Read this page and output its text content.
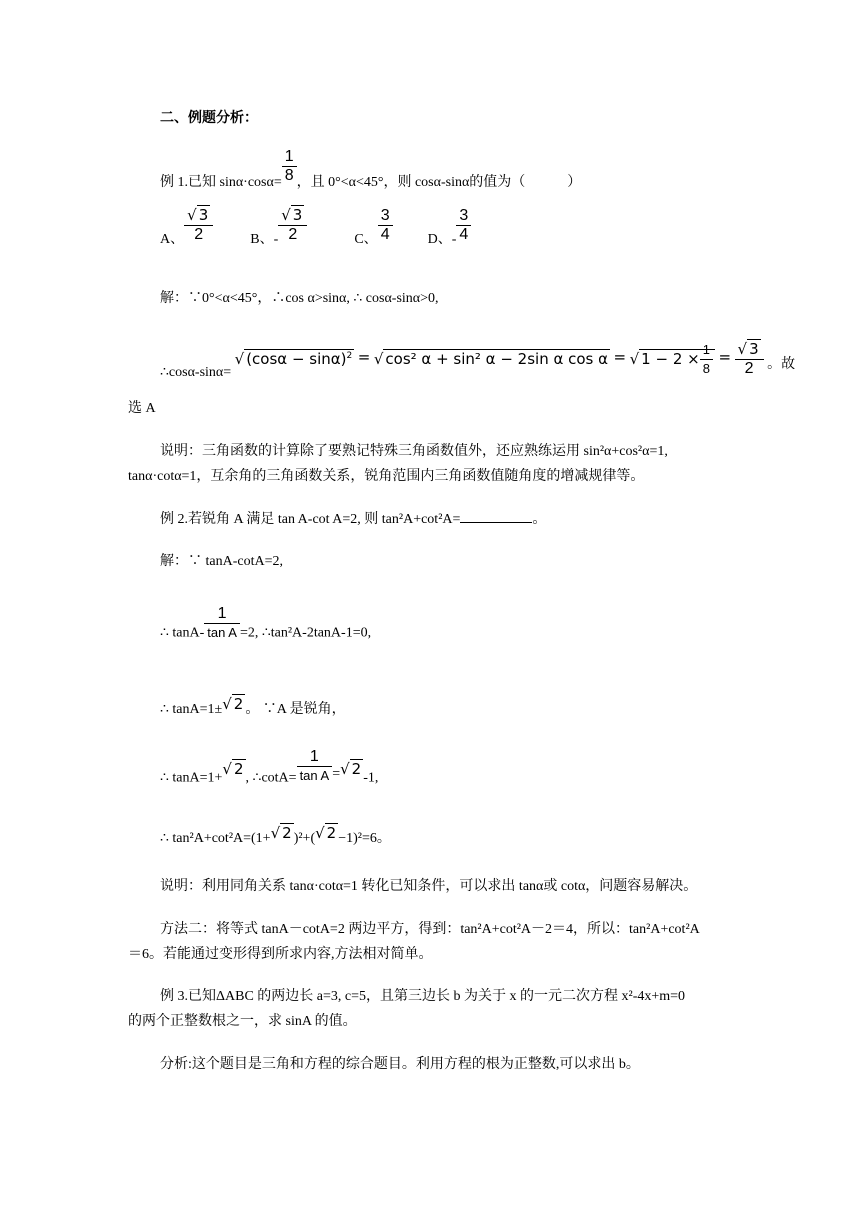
二、例题分析：
例 1.已知 $\sin\alpha\cdot\cos\alpha= \frac{1}{8}$ ，且 0°<α<45°，则 cosα-sinα的值为（　　　）
A、 $\frac{√ 3}{2}$	B、- $\frac{√ 3}{2}$	C、 $\frac{3}{4}$	D、- $\frac{3}{4}$
解：∵0°<α<45°，∴cos α>sinα, ∴ cosα-sinα>0,
∴cosα-sinα= √ $(\cos\alpha - \sin\alpha)^2$ = √ cos² α + sin² α − 2sin α cos α = √ $1 - 2 \times \frac{1}{8} = \frac{√ 3}{2}$ 。故
选 A
说明：三角函数的计算除了要熟记特殊三角函数值外，还应熟练运用 sin²α+cos²α=1,
tanα·cotα=1，互余角的三角函数关系，锐角范围内三角函数值随角度的增减规律等。
例 2.若锐角 A 满足 tan A-cot A=2, 则 tan²A+cot²A=	。
解：∵ tanA-cotA=2,
∴ $\tan A- \frac{1}{\text{tan A}} =2$, ∴tan²A-2tanA-1=0,
∴ tanA=1±√ 2 。 ∵A 是锐角，
∴ tanA=1+√ 2, ∴cotA= $\frac{1}{\text{tan A}}$ =√ 2-1,
∴ tan²A+cot²A=(1+√ 2 )²+(√ 2 −1)²=6。
说明：利用同角关系 tanα·cotα=1 转化已知条件，可以求出 tanα或 cotα，问题容易解决。
方法二：将等式 tanA－cotA=2 两边平方，得到：tan²A+cot²A－2＝4，所以：tan²A+cot²A
＝6。若能通过变形得到所求内容,方法相对简单。
例 3.已知ΔABC 的两边长 a=3, c=5，且第三边长 b 为关于 x 的一元二次方程 x²-4x+m=0
的两个正整数根之一，求 sinA 的值。
分析:这个题目是三角和方程的综合题目。利用方程的根为正整数,可以求出 b。
